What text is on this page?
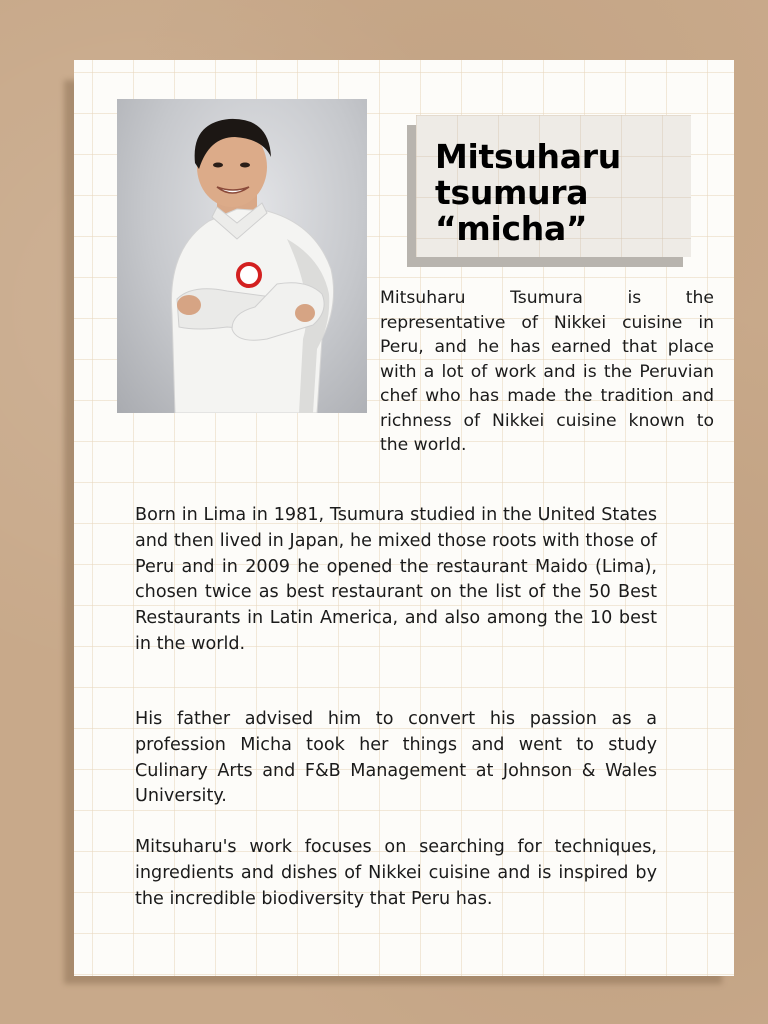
Mitsuharu
tsumura
“micha”

Mitsuharu Tsumura is the representative of Nikkei cuisine in Peru, and he has earned that place with a lot of work and is the Peruvian chef who has made the tradition and richness of Nikkei cuisine known to the world.

Born in Lima in 1981, Tsumura studied in the United States and then lived in Japan, he mixed those roots with those of Peru and in 2009 he opened the restaurant Maido (Lima), chosen twice as best restaurant on the list of the 50 Best Restaurants in Latin America, and also among the 10 best in the world.

His father advised him to convert his passion as a profession Micha took her things and went to study Culinary Arts and F&B Management at Johnson & Wales University.

Mitsuharu's work focuses on searching for techniques, ingredients and dishes of Nikkei cuisine and is inspired by the incredible biodiversity that Peru has.
